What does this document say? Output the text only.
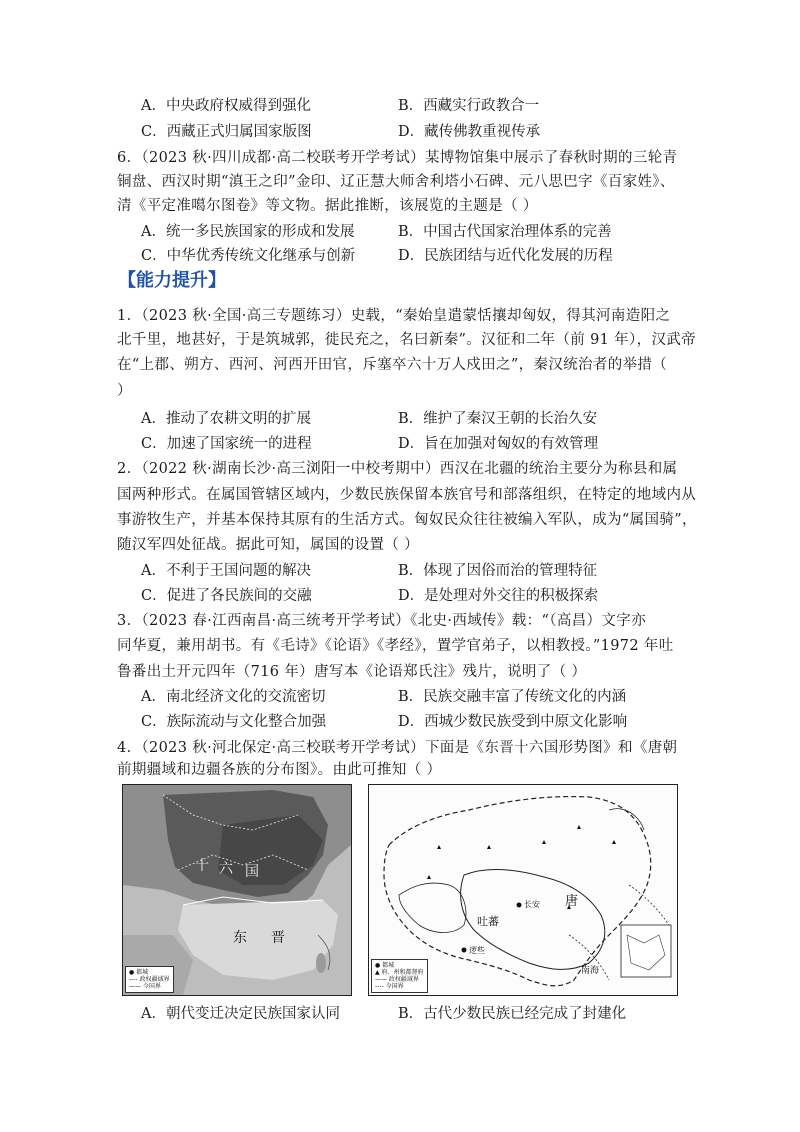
A．中央政府权威得到强化	B．西藏实行政教合一
C．西藏正式归属国家版图	D．藏传佛教重视传承
6．（2023 秋·四川成都·高二校联考开学考试）某博物馆集中展示了春秋时期的三轮青
铜盘、西汉时期“滇王之印”金印、辽正慧大师舍利塔小石碑、元八思巴字《百家姓》、
清《平定准噶尔图卷》等文物。据此推断，该展览的主题是（ ）
A．统一多民族国家的形成和发展	B．中国古代国家治理体系的完善
C．中华优秀传统文化继承与创新	D．民族团结与近代化发展的历程
【能力提升】
1．（2023 秋·全国·高三专题练习）史载，“秦始皇遣蒙恬攘却匈奴，得其河南造阳之
北千里，地甚好，于是筑城郭，徙民充之，名曰新秦”。汉征和二年（前 91 年），汉武帝
在“上郡、朔方、西河、河西开田官，斥塞卒六十万人戍田之”，秦汉统治者的举措（
）
A．推动了农耕文明的扩展	B．维护了秦汉王朝的长治久安
C．加速了国家统一的进程	D．旨在加强对匈奴的有效管理
2．（2022 秋·湖南长沙·高三浏阳一中校考期中）西汉在北疆的统治主要分为称县和属
国两种形式。在属国管辖区域内，少数民族保留本族官号和部落组织，在特定的地域内从
事游牧生产，并基本保持其原有的生活方式。匈奴民众往往被编入军队，成为“属国骑”，
随汉军四处征战。据此可知，属国的设置（ ）
A．不利于王国问题的解决	B．体现了因俗而治的管理特征
C．促进了各民族间的交融	D．是处理对外交往的积极探索
3．（2023 春·江西南昌·高三统考开学考试）《北史·西域传》载：“（高昌）文字亦
同华夏，兼用胡书。有《毛诗》《论语》《孝经》，置学官弟子，以相教授。”1972 年吐
鲁番出土开元四年（716 年）唐写本《论语郑氏注》残片，说明了（ ）
A．南北经济文化的交流密切	B．民族交融丰富了传统文化的内涵
C．族际流动与文化整合加强	D．西城少数民族受到中原文化影响
4．（2023 秋·河北保定·高三校联考开学考试）下面是《东晋十六国形势图》和《唐朝
前期疆域和边疆各族的分布图》。由此可推知（ ）
十 六 国
东 晋
● 都城
---- 政权疆域界
—— 今国界
唐
吐蕃
长安
逻些
南海
● 都城
▲ 府、州和都督府
—— 政权疆域界
---- 今国界
A．朝代变迁决定民族国家认同	B．古代少数民族已经完成了封建化
